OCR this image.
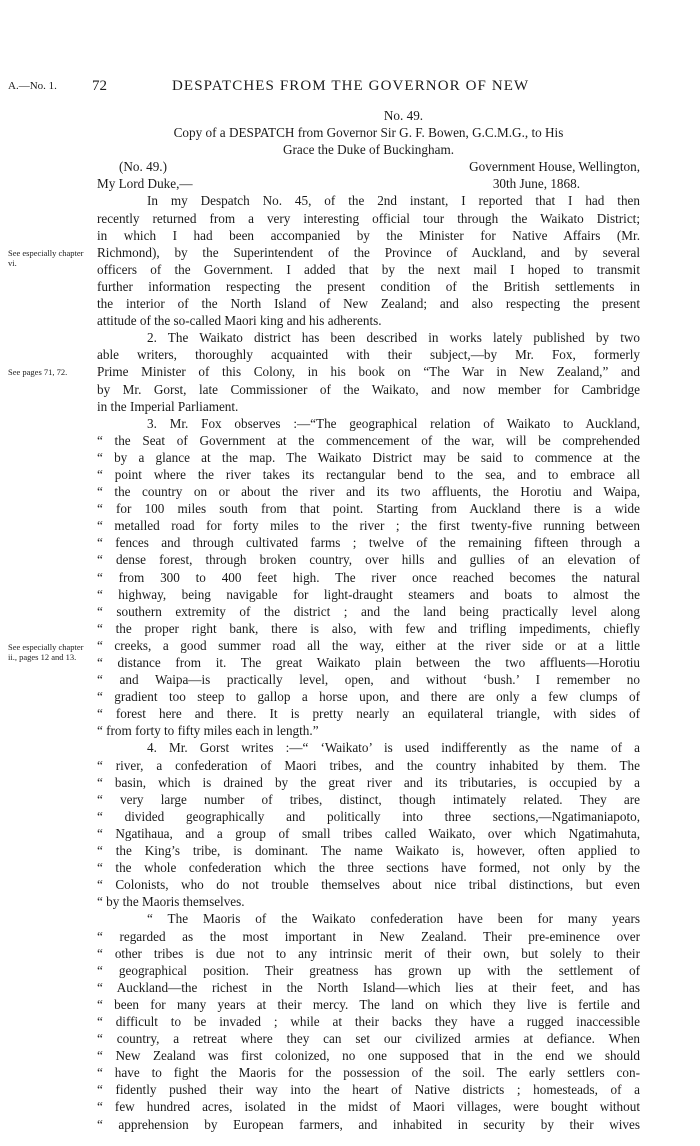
A.—No. 1. 72	DESPATCHES FROM THE GOVERNOR OF NEW
See especially chapter vi.
See pages 71, 72.
See especially chapter ii., pages 12 and 13.
No. 49.
Copy of a DESPATCH from Governor Sir G. F. Bowen, G.C.M.G., to His
Grace the Duke of Buckingham.
(No. 49.)	Government House, Wellington,
My Lord Duke,—	30th June, 1868.
In my Despatch No. 45, of the 2nd instant, I reported that I had then
recently returned from a very interesting official tour through the Waikato District;
in which I had been accompanied by the Minister for Native Affairs (Mr.
Richmond), by the Superintendent of the Province of Auckland, and by several
officers of the Government. I added that by the next mail I hoped to transmit
further information respecting the present condition of the British settlements in
the interior of the North Island of New Zealand; and also respecting the present
attitude of the so-called Maori king and his adherents.
2. The Waikato district has been described in works lately published by two
able writers, thoroughly acquainted with their subject,—by Mr. Fox, formerly
Prime Minister of this Colony, in his book on “The War in New Zealand,” and
by Mr. Gorst, late Commissioner of the Waikato, and now member for Cambridge
in the Imperial Parliament.
3. Mr. Fox observes :—“The geographical relation of Waikato to Auckland,
“ the Seat of Government at the commencement of the war, will be comprehended
“ by a glance at the map. The Waikato District may be said to commence at the
“ point where the river takes its rectangular bend to the sea, and to embrace all
“ the country on or about the river and its two affluents, the Horotiu and Waipa,
“ for 100 miles south from that point. Starting from Auckland there is a wide
“ metalled road for forty miles to the river ; the first twenty-five running between
“ fences and through cultivated farms ; twelve of the remaining fifteen through a
“ dense forest, through broken country, over hills and gullies of an elevation of
“ from 300 to 400 feet high. The river once reached becomes the natural
“ highway, being navigable for light-draught steamers and boats to almost the
“ southern extremity of the district ; and the land being practically level along
“ the proper right bank, there is also, with few and trifling impediments, chiefly
“ creeks, a good summer road all the way, either at the river side or at a little
“ distance from it. The great Waikato plain between the two affluents—Horotiu
“ and Waipa—is practically level, open, and without ‘bush.’ I remember no
“ gradient too steep to gallop a horse upon, and there are only a few clumps of
“ forest here and there. It is pretty nearly an equilateral triangle, with sides of
“ from forty to fifty miles each in length.”
4. Mr. Gorst writes :—“ ‘Waikato’ is used indifferently as the name of a
“ river, a confederation of Maori tribes, and the country inhabited by them. The
“ basin, which is drained by the great river and its tributaries, is occupied by a
“ very large number of tribes, distinct, though intimately related. They are
“ divided geographically and politically into three sections,—Ngatimaniapoto,
“ Ngatihaua, and a group of small tribes called Waikato, over which Ngatimahuta,
“ the King’s tribe, is dominant. The name Waikato is, however, often applied to
“ the whole confederation which the three sections have formed, not only by the
“ Colonists, who do not trouble themselves about nice tribal distinctions, but even
“ by the Maoris themselves.
“ The Maoris of the Waikato confederation have been for many years
“ regarded as the most important in New Zealand. Their pre-eminence over
“ other tribes is due not to any intrinsic merit of their own, but solely to their
“ geographical position. Their greatness has grown up with the settlement of
“ Auckland—the richest in the North Island—which lies at their feet, and has
“ been for many years at their mercy. The land on which they live is fertile and
“ difficult to be invaded ; while at their backs they have a rugged inaccessible
“ country, a retreat where they can set our civilized armies at defiance. When
“ New Zealand was first colonized, no one supposed that in the end we should
“ have to fight the Maoris for the possession of the soil. The early settlers con-
“ fidently pushed their way into the heart of Native districts ; homesteads, of a
“ few hundred acres, isolated in the midst of Maori villages, were bought without
“ apprehension by European farmers, and inhabited in security by their wives
